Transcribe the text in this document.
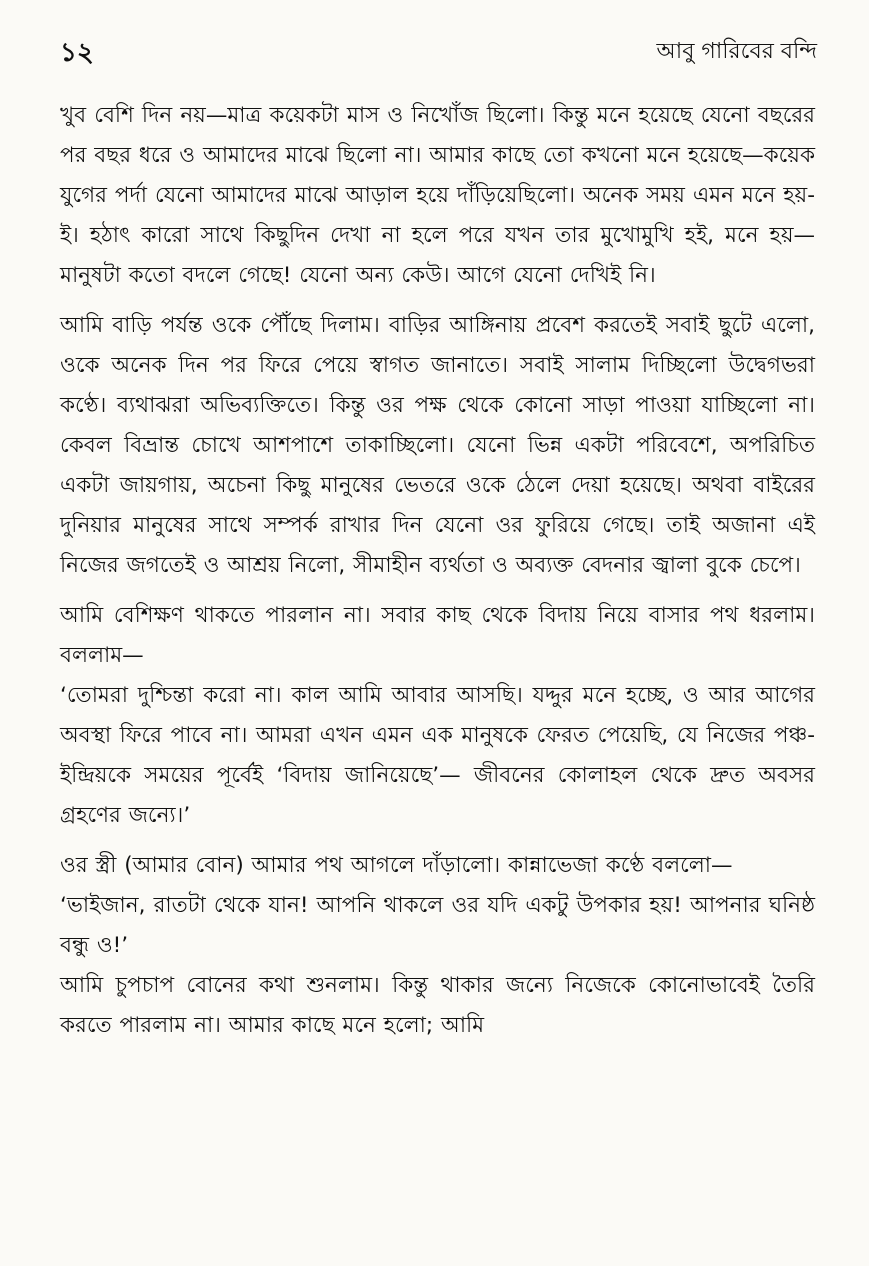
১২	আবু গারিবের বন্দি

খুব বেশি দিন নয়—মাত্র কয়েকটা মাস ও নিখোঁজ ছিলো। কিন্তু মনে হয়েছে যেনো বছরের পর বছর ধরে ও আমাদের মাঝে ছিলো না। আমার কাছে তো কখনো মনে হয়েছে—কয়েক যুগের পর্দা যেনো আমাদের মাঝে আড়াল হয়ে দাঁড়িয়েছিলো। অনেক সময় এমন মনে হয়-ই। হঠাৎ কারো সাথে কিছুদিন দেখা না হলে পরে যখন তার মুখোমুখি হই, মনে হয়—মানুষটা কতো বদলে গেছে! যেনো অন্য কেউ। আগে যেনো দেখিই নি।

আমি বাড়ি পর্যন্ত ওকে পৌঁছে দিলাম। বাড়ির আঙ্গিনায় প্রবেশ করতেই সবাই ছুটে এলো, ওকে অনেক দিন পর ফিরে পেয়ে স্বাগত জানাতে। সবাই সালাম দিচ্ছিলো উদ্বেগভরা কণ্ঠে। ব্যথাঝরা অভিব্যক্তিতে। কিন্তু ওর পক্ষ থেকে কোনো সাড়া পাওয়া যাচ্ছিলো না। কেবল বিভ্রান্ত চোখে আশপাশে তাকাচ্ছিলো। যেনো ভিন্ন একটা পরিবেশে, অপরিচিত একটা জায়গায়, অচেনা কিছু মানুষের ভেতরে ওকে ঠেলে দেয়া হয়েছে। অথবা বাইরের দুনিয়ার মানুষের সাথে সম্পর্ক রাখার দিন যেনো ওর ফুরিয়ে গেছে। তাই অজানা এই নিজের জগতেই ও আশ্রয় নিলো, সীমাহীন ব্যর্থতা ও অব্যক্ত বেদনার জ্বালা বুকে চেপে।

আমি বেশিক্ষণ থাকতে পারলান না। সবার কাছ থেকে বিদায় নিয়ে বাসার পথ ধরলাম। বললাম—

‘তোমরা দুশ্চিন্তা করো না। কাল আমি আবার আসছি। যদ্দুর মনে হচ্ছে, ও আর আগের অবস্থা ফিরে পাবে না। আমরা এখন এমন এক মানুষকে ফেরত পেয়েছি, যে নিজের পঞ্চ-ইন্দ্রিয়কে সময়ের পূর্বেই ‘বিদায় জানিয়েছে’— জীবনের কোলাহল থেকে দ্রুত অবসর গ্রহণের জন্যে।’

ওর স্ত্রী (আমার বোন) আমার পথ আগলে দাঁড়ালো। কান্নাভেজা কণ্ঠে বললো—

‘ভাইজান, রাতটা থেকে যান! আপনি থাকলে ওর যদি একটু উপকার হয়! আপনার ঘনিষ্ঠ বন্ধু ও!’

আমি চুপচাপ বোনের কথা শুনলাম। কিন্তু থাকার জন্যে নিজেকে কোনোভাবেই তৈরি করতে পারলাম না। আমার কাছে মনে হলো; আমি
